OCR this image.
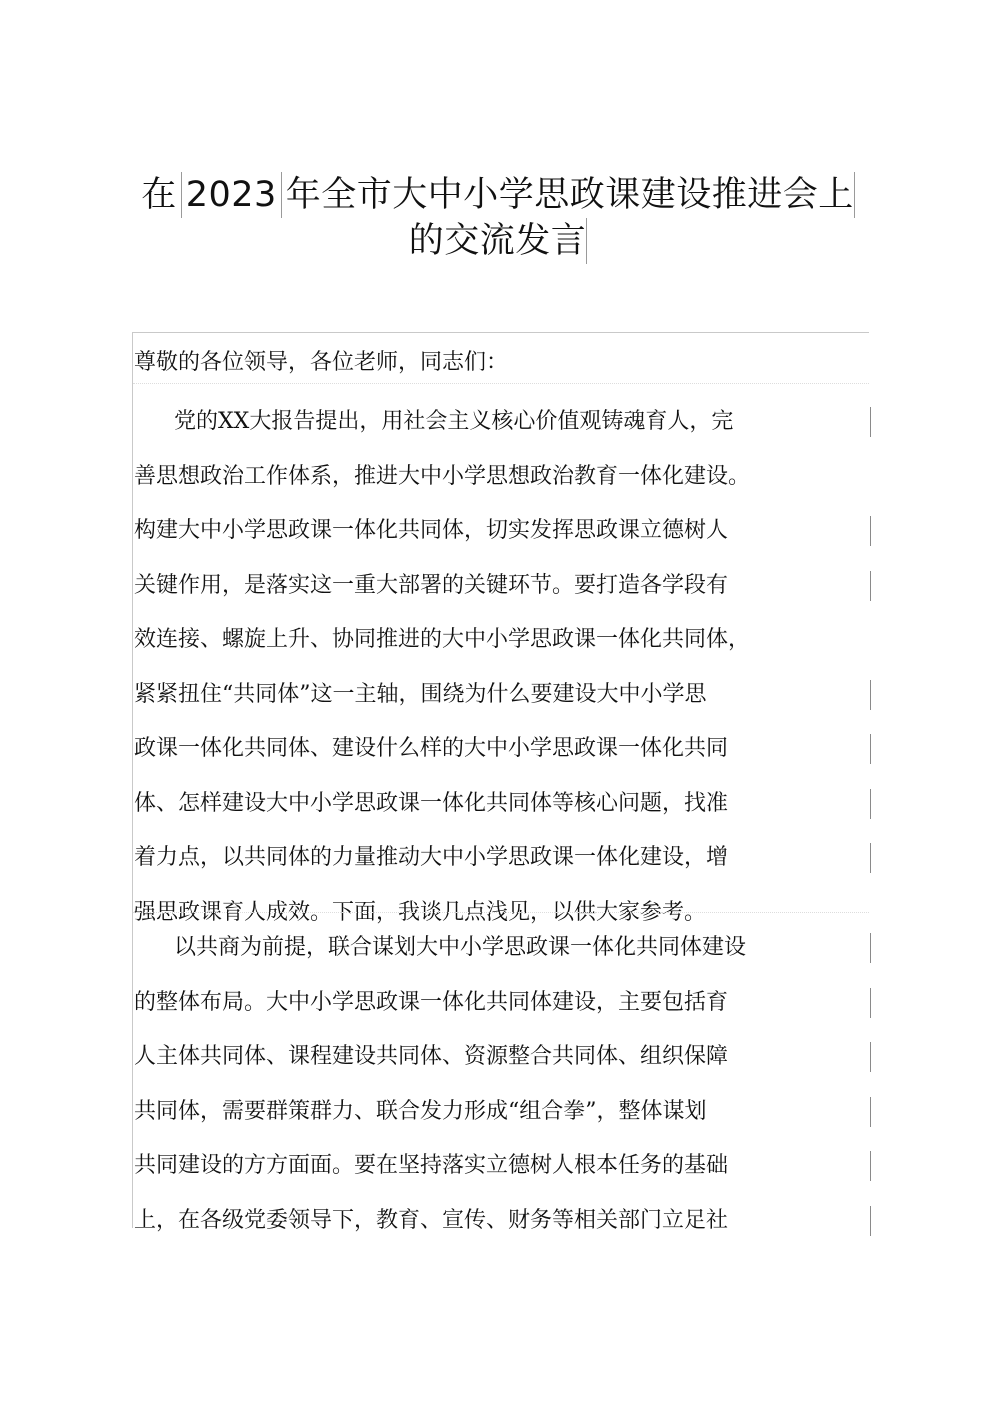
在 2023 年全市大中小学思政课建设推进会上
的交流发言
尊敬的各位领导，各位老师，同志们：
党的XX大报告提出，用社会主义核心价值观铸魂育人，完
善思想政治工作体系，推进大中小学思想政治教育一体化建设。
构建大中小学思政课一体化共同体，切实发挥思政课立德树人
关键作用，是落实这一重大部署的关键环节。要打造各学段有
效连接、螺旋上升、协同推进的大中小学思政课一体化共同体，
紧紧扭住“共同体”这一主轴，围绕为什么要建设大中小学思
政课一体化共同体、建设什么样的大中小学思政课一体化共同
体、怎样建设大中小学思政课一体化共同体等核心问题，找准
着力点，以共同体的力量推动大中小学思政课一体化建设，增
强思政课育人成效。下面，我谈几点浅见，以供大家参考。
以共商为前提，联合谋划大中小学思政课一体化共同体建设
的整体布局。大中小学思政课一体化共同体建设，主要包括育
人主体共同体、课程建设共同体、资源整合共同体、组织保障
共同体，需要群策群力、联合发力形成“组合拳”，整体谋划
共同建设的方方面面。要在坚持落实立德树人根本任务的基础
上，在各级党委领导下，教育、宣传、财务等相关部门立足社
